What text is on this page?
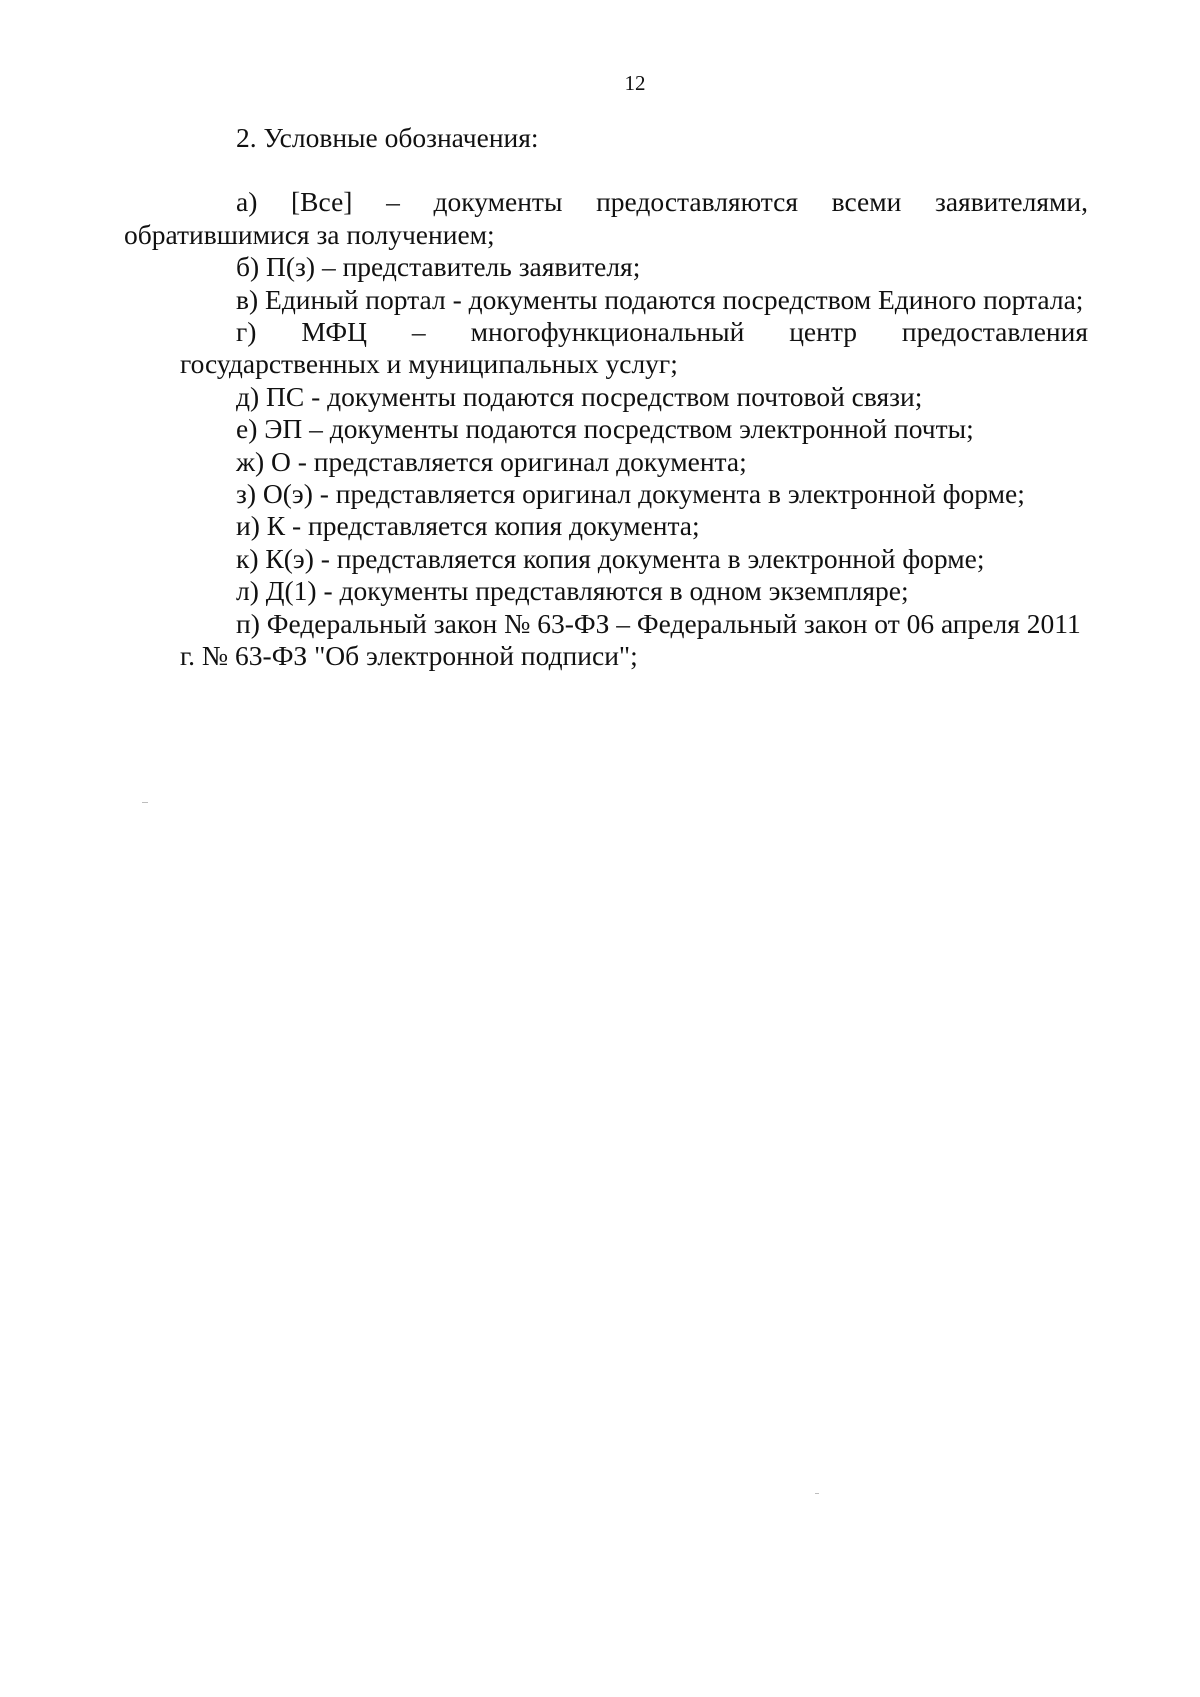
12

2. Условные обозначения:

а)   [Все]   –   документы   предоставляются   всеми   заявителями,
обратившимися за получением;

б) П(з) – представитель заявителя;

в) Единый портал - документы подаются посредством Единого портала;

г)     МФЦ     –     многофункциональный     центр     предоставления
государственных и муниципальных услуг;

д) ПС - документы подаются посредством почтовой связи;

е) ЭП – документы подаются посредством электронной почты;

ж) О - представляется оригинал документа;

з) О(э) - представляется оригинал документа в электронной форме;

и) К - представляется копия документа;

к) К(э) - представляется копия документа в электронной форме;

л) Д(1) - документы представляются в одном экземпляре;

п) Федеральный закон № 63-ФЗ – Федеральный закон от 06 апреля 2011
г. № 63-ФЗ "Об электронной подписи";
